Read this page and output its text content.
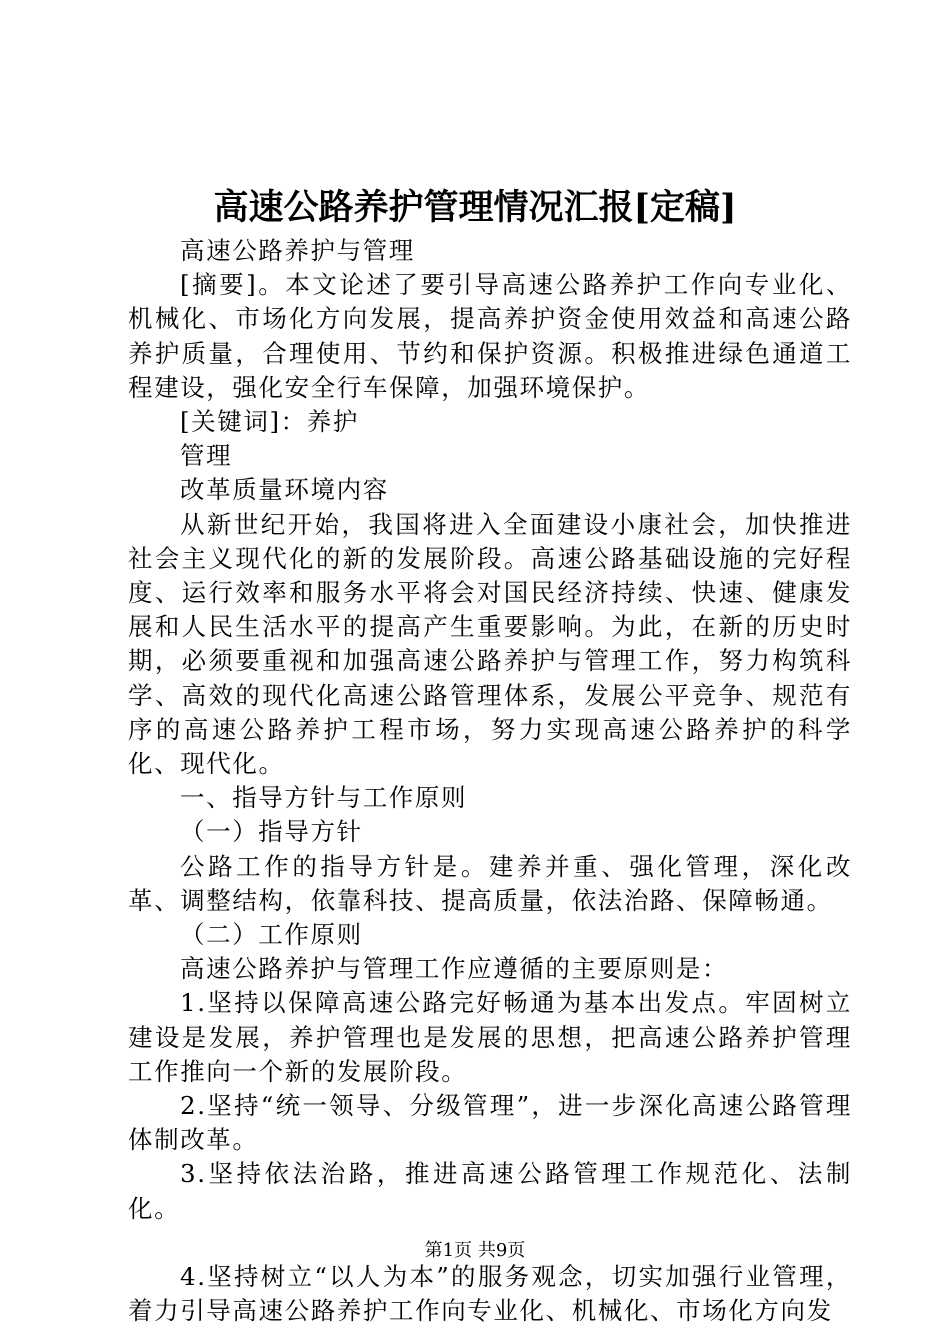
高速公路养护管理情况汇报[定稿]

高速公路养护与管理

[摘要]。本文论述了要引导高速公路养护工作向专业化、机械化、市场化方向发展，提高养护资金使用效益和高速公路养护质量，合理使用、节约和保护资源。积极推进绿色通道工程建设，强化安全行车保障，加强环境保护。

[关键词]：养护

管理

改革质量环境内容

从新世纪开始，我国将进入全面建设小康社会，加快推进社会主义现代化的新的发展阶段。高速公路基础设施的完好程度、运行效率和服务水平将会对国民经济持续、快速、健康发展和人民生活水平的提高产生重要影响。为此，在新的历史时期，必须要重视和加强高速公路养护与管理工作，努力构筑科学、高效的现代化高速公路管理体系，发展公平竞争、规范有序的高速公路养护工程市场，努力实现高速公路养护的科学化、现代化。

一、指导方针与工作原则

（一）指导方针

公路工作的指导方针是。建养并重、强化管理，深化改革、调整结构，依靠科技、提高质量，依法治路、保障畅通。

（二）工作原则

高速公路养护与管理工作应遵循的主要原则是：

1.坚持以保障高速公路完好畅通为基本出发点。牢固树立建设是发展，养护管理也是发展的思想，把高速公路养护管理工作推向一个新的发展阶段。

2.坚持“统一领导、分级管理”，进一步深化高速公路管理体制改革。

3.坚持依法治路，推进高速公路管理工作规范化、法制化。

4.坚持树立“以人为本”的服务观念，切实加强行业管理，着力引导高速公路养护工作向专业化、机械化、市场化方向发

第1页 共9页
